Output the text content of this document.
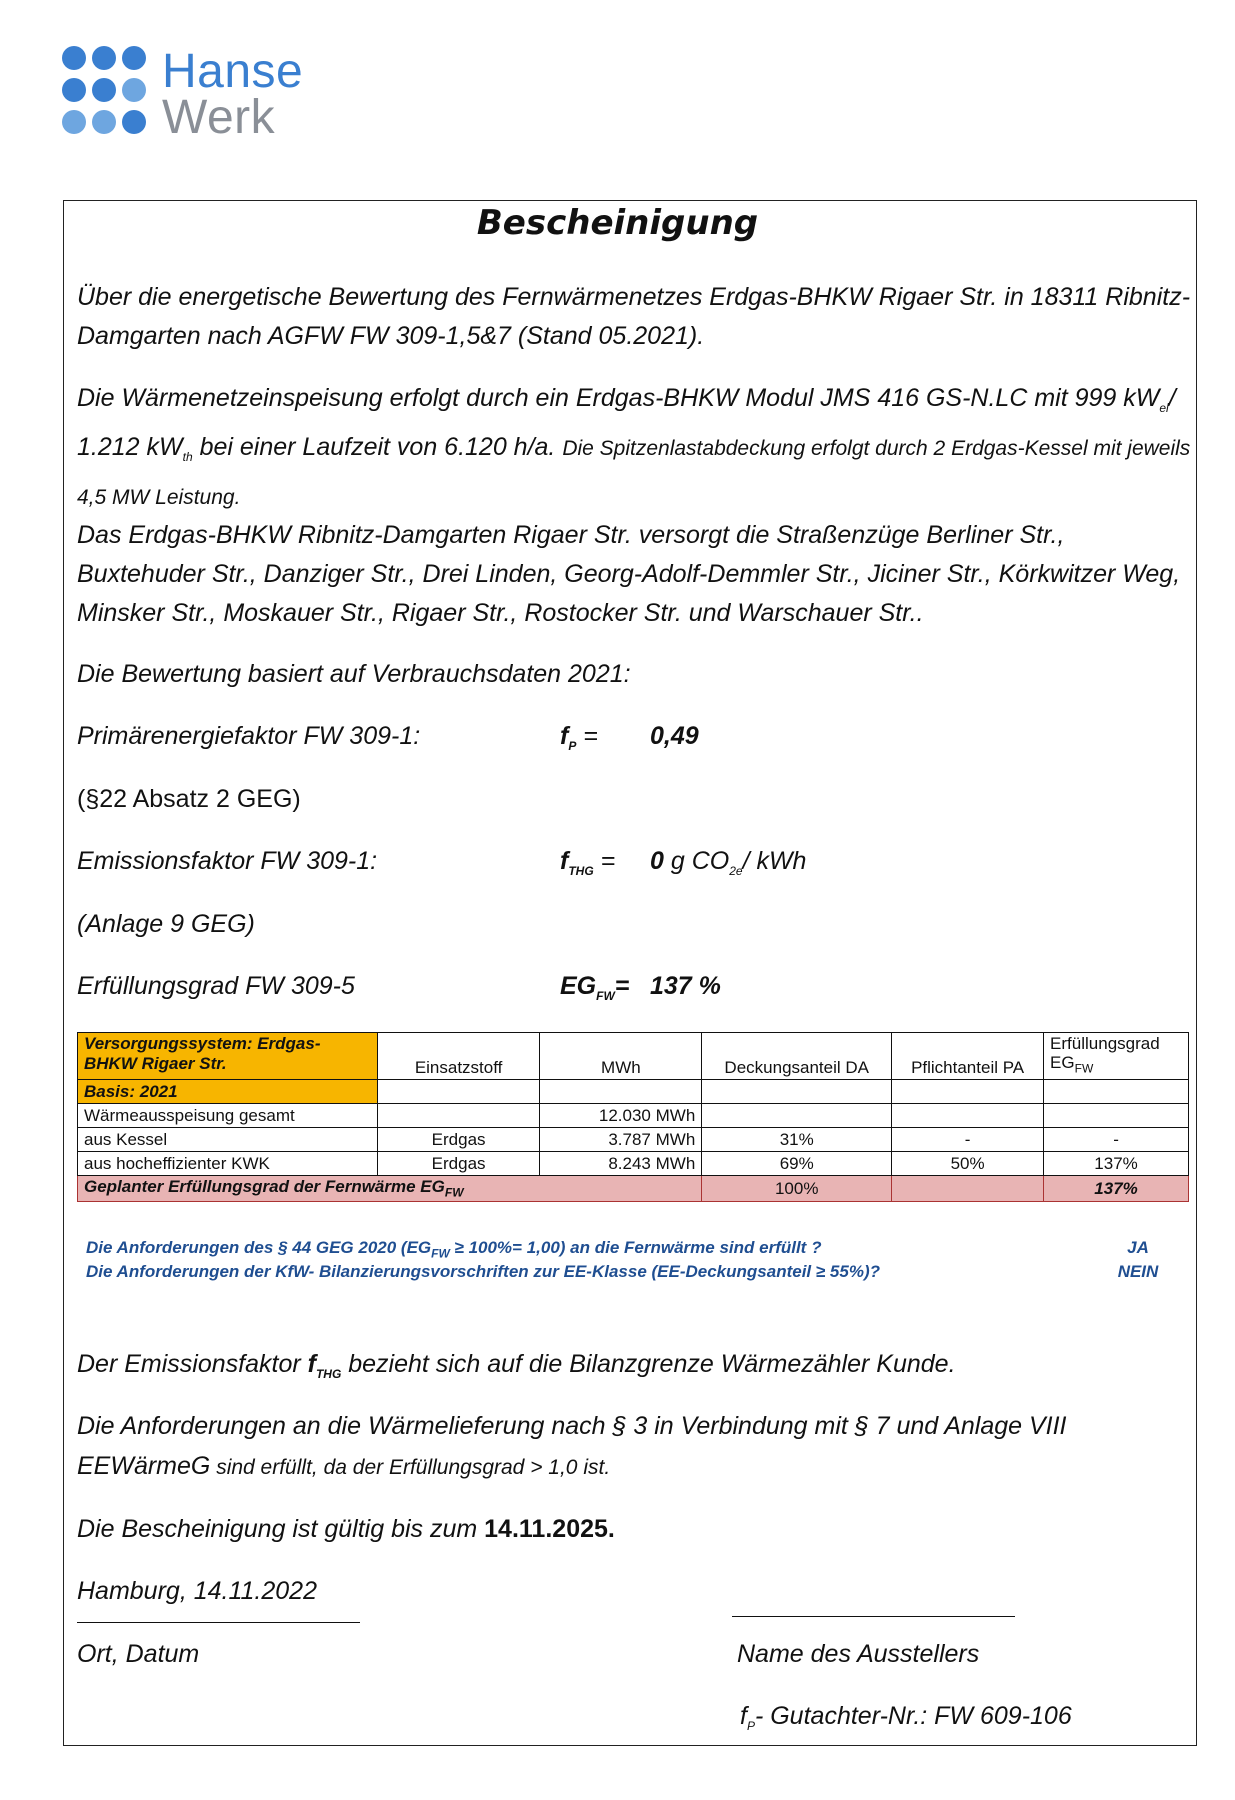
Hanse
Werk
Bescheinigung

Über die energetische Bewertung des Fernwärmenetzes Erdgas-BHKW Rigaer Str. in 18311 Ribnitz-Damgarten nach AGFW FW 309-1,5&7 (Stand 05.2021).

Die Wärmenetzeinspeisung erfolgt durch ein Erdgas-BHKW Modul JMS 416 GS-N.LC mit 999 $kW_{el}/$ 1.212 $kW_{th}$ bei einer Laufzeit von 6.120 h/a. Die Spitzenlastabdeckung erfolgt durch 2 Erdgas-Kessel mit jeweils 4,5 MW Leistung.

Das Erdgas-BHKW Ribnitz-Damgarten Rigaer Str. versorgt die Straßenzüge Berliner Str., Buxtehuder Str., Danziger Str., Drei Linden, Georg-Adolf-Demmler Str., Jiciner Str., Körkwitzer Weg, Minsker Str., Moskauer Str., Rigaer Str., Rostocker Str. und Warschauer Str..

Die Bewertung basiert auf Verbrauchsdaten 2021:
Primärenergiefaktor FW 309-1:	$f_P = 0,49$
(§22 Absatz 2 GEG)
Emissionsfaktor FW 309-1:	$f_{THG} = 0$ g $CO_{2e}/$ kWh
(Anlage 9 GEG)
Erfüllungsgrad FW 309-5	$EG_{FW}= 137$ %
Versorgungssystem: Erdgas-BHKW Rigaer Str.	Einsatzstoff	MWh	Deckungsanteil DA	Pflichtanteil PA	Erfüllungsgrad $EG_{FW}$
Basis: 2021					
Wärmeausspeisung gesamt		12.030 MWh			
aus Kessel	Erdgas	3.787 MWh	31%	-	-
aus hocheffizienter KWK	Erdgas	8.243 MWh	69%	50%	137%
Geplanter Erfüllungsgrad der Fernwärme $EG_{FW}$			100%		137%
Die Anforderungen des § 44 GEG 2020 $(EG_{FW} \ge 100\%= 1,00)$ an die Fernwärme sind erfüllt ?	JA
Die Anforderungen der KfW- Bilanzierungsvorschriften zur EE-Klasse (EE-Deckungsanteil ≥ 55%)?	NEIN
Der Emissionsfaktor $f_{THG}$ bezieht sich auf die Bilanzgrenze Wärmezähler Kunde.
Die Anforderungen an die Wärmelieferung nach § 3 in Verbindung mit § 7 und Anlage VIII
EEWärmeG sind erfüllt, da der Erfüllungsgrad > 1,0 ist.
Die Bescheinigung ist gültig bis zum 14.11.2025.
Hamburg, 14.11.2022
Ort, Datum	Name des Ausstellers
$f_P-$ Gutachter-Nr.: FW 609-106
